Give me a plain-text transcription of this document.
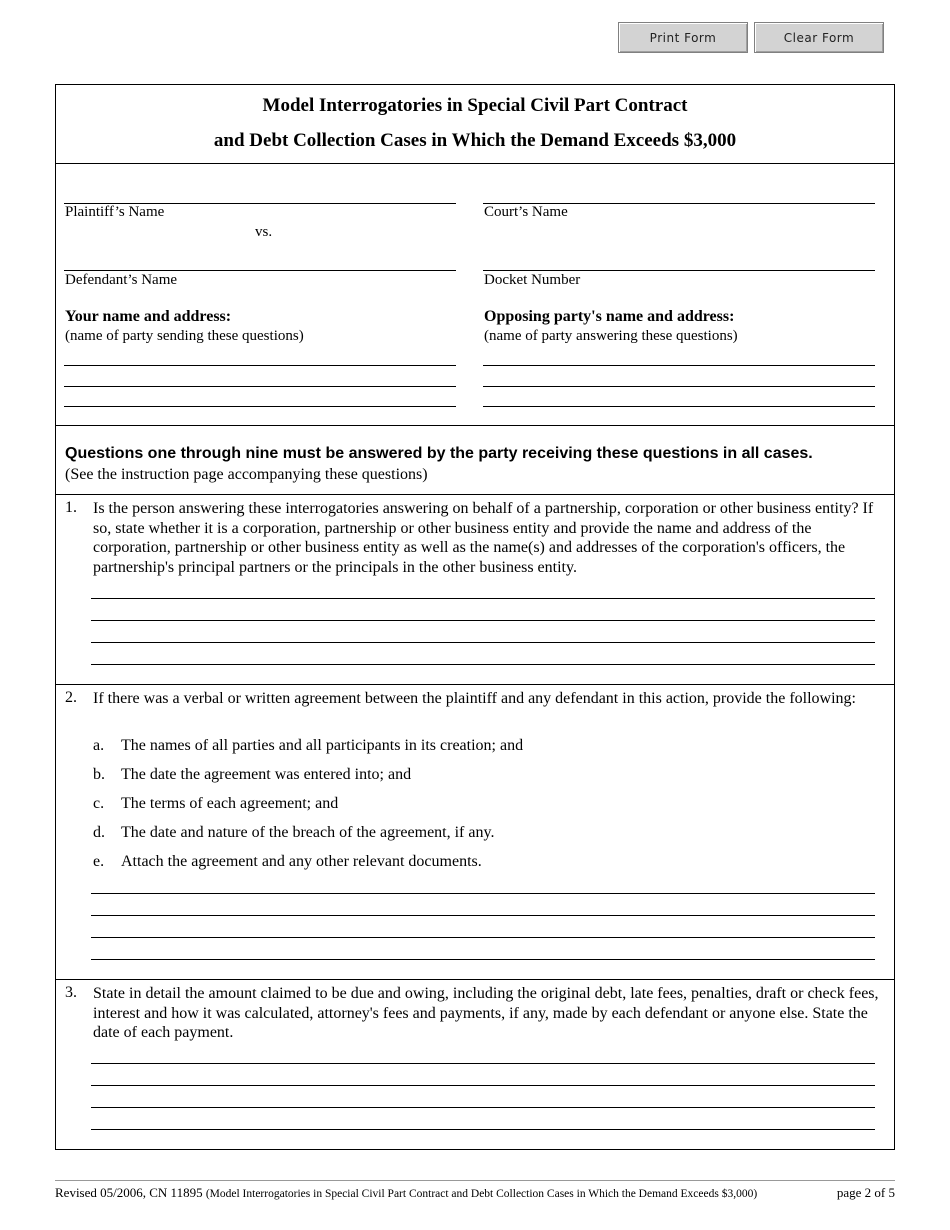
Print Form	Clear Form
Model Interrogatories in Special Civil Part Contract
and Debt Collection Cases in Which the Demand Exceeds $3,000
Plaintiff’s Name
vs.
Defendant’s Name
Your name and address:
(name of party sending these questions)
Court’s Name
Docket Number
Opposing party's name and address:
(name of party answering these questions)
Questions one through nine must be answered by the party receiving these questions in all cases.
(See the instruction page accompanying these questions)
1. Is the person answering these interrogatories answering on behalf of a partnership, corporation or other business entity? If so, state whether it is a corporation, partnership or other business entity and provide the name and address of the corporation, partnership or other business entity as well as the name(s) and addresses of the corporation's officers, the partnership's principal partners or the principals in the other business entity.
2. If there was a verbal or written agreement between the plaintiff and any defendant in this action, provide the following:
a. The names of all parties and all participants in its creation; and
b. The date the agreement was entered into; and
c. The terms of each agreement; and
d. The date and nature of the breach of the agreement, if any.
e. Attach the agreement and any other relevant documents.
3. State in detail the amount claimed to be due and owing, including the original debt, late fees, penalties, draft or check fees, interest and how it was calculated, attorney's fees and payments, if any, made by each defendant or anyone else. State the date of each payment.
Revised 05/2006, CN 11895 (Model Interrogatories in Special Civil Part Contract and Debt Collection Cases in Which the Demand Exceeds $3,000)	page 2 of 5
